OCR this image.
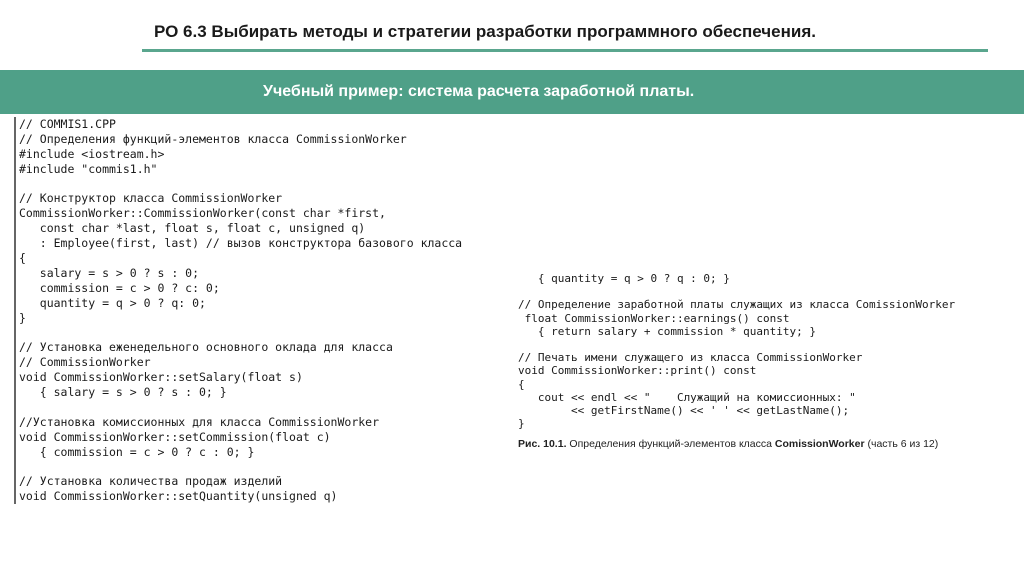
РО 6.3 Выбирать методы и стратегии разработки программного обеспечения.
Учебный пример: система расчета заработной платы.
// COMMIS1.CPP
// Определения функций-элементов класса CommissionWorker
#include <iostream.h>
#include "commis1.h"
// Конструктор класса CommissionWorker
CommissionWorker::CommissionWorker(const char *first,
const char *last, float s, float c, unsigned q)
: Employee(first, last) // вызов конструктора базового класса
{
salary = s > 0 ? s : 0;
commission = c > 0 ? c: 0;
quantity = q > 0 ? q: 0;
}
// Установка еженедельного основного оклада для класса
// CommissionWorker
void CommissionWorker::setSalary(float s)
{ salary = s > 0 ? s : 0; }
//Установка комиссионных для класса CommissionWorker
void CommissionWorker::setCommission(float c)
{ commission = c > 0 ? c : 0; }
// Установка количества продаж изделий
void CommissionWorker::setQuantity(unsigned q)
{ quantity = q > 0 ? q : 0; }
// Определение заработной платы служащих из класса ComissionWorker
float CommissionWorker::earnings() const
{ return salary + commission * quantity; }
// Печать имени служащего из класса CommissionWorker
void CommissionWorker::print() const
{
cout << endl << "    Служащий на комиссионных: "
<< getFirstName() << ' ' << getLastName();
}
Рис. 10.1. Определения функций-элементов класса ComissionWorker (часть 6 из 12)
